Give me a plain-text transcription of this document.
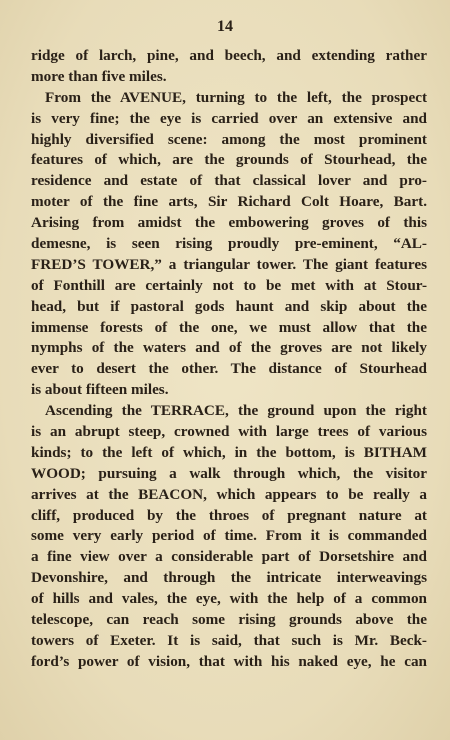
14
ridge of larch, pine, and beech, and extending rather
more than five miles.
From the AVENUE, turning to the left, the prospect
is very fine; the eye is carried over an extensive and
highly diversified scene: among the most prominent
features of which, are the grounds of Stourhead, the
residence and estate of that classical lover and pro-
moter of the fine arts, Sir Richard Colt Hoare, Bart.
Arising from amidst the embowering groves of this
demesne, is seen rising proudly pre-eminent, “AL-
FRED’S TOWER,” a triangular tower. The giant features
of Fonthill are certainly not to be met with at Stour-
head, but if pastoral gods haunt and skip about the
immense forests of the one, we must allow that the
nymphs of the waters and of the groves are not likely
ever to desert the other. The distance of Stourhead
is about fifteen miles.
Ascending the TERRACE, the ground upon the right
is an abrupt steep, crowned with large trees of various
kinds; to the left of which, in the bottom, is BITHAM
WOOD; pursuing a walk through which, the visitor
arrives at the BEACON, which appears to be really a
cliff, produced by the throes of pregnant nature at
some very early period of time. From it is commanded
a fine view over a considerable part of Dorsetshire and
Devonshire, and through the intricate interweavings
of hills and vales, the eye, with the help of a common
telescope, can reach some rising grounds above the
towers of Exeter. It is said, that such is Mr. Beck-
ford’s power of vision, that with his naked eye, he can
